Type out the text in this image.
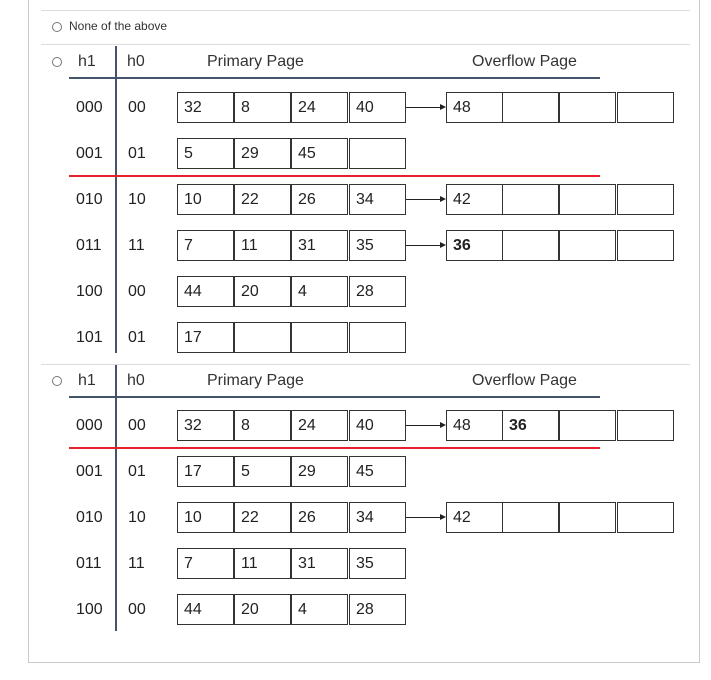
None of the above
h1 h0	Primary Page	Overflow Page
000 00	32	8	24	40	48
001 01	5	29	45
010 10	10	22	26	34	42
011 11	7	11	31	35	36
100 00	44	20	4	28
101 01	17
h1 h0	Primary Page	Overflow Page
000 00	32	8	24	40	48	36
001 01	17	5	29	45
010 10	10	22	26	34	42
011 11	7	11	31	35
100 00	44	20	4	28
